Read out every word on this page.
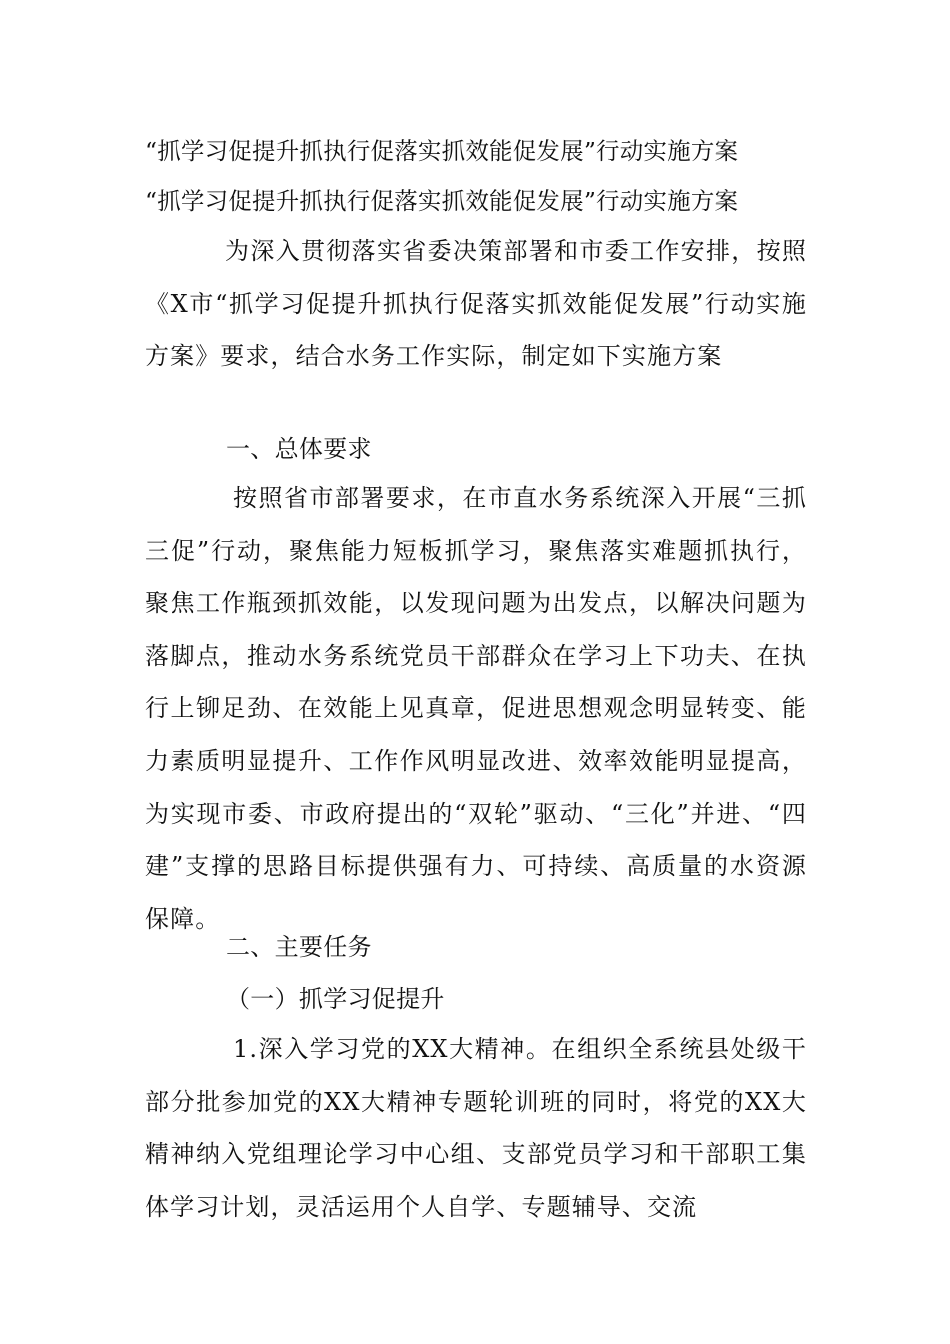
“抓学习促提升抓执行促落实抓效能促发展”行动实施方案
“抓学习促提升抓执行促落实抓效能促发展”行动实施方案

为深入贯彻落实省委决策部署和市委工作安排，按照《X市“抓学习促提升抓执行促落实抓效能促发展”行动实施方案》要求，结合水务工作实际，制定如下实施方案

一、总体要求

按照省市部署要求，在市直水务系统深入开展“三抓三促”行动，聚焦能力短板抓学习，聚焦落实难题抓执行，聚焦工作瓶颈抓效能，以发现问题为出发点，以解决问题为落脚点，推动水务系统党员干部群众在学习上下功夫、在执行上铆足劲、在效能上见真章，促进思想观念明显转变、能力素质明显提升、工作作风明显改进、效率效能明显提高，为实现市委、市政府提出的“双轮”驱动、“三化”并进、“四建”支撑的思路目标提供强有力、可持续、高质量的水资源保障。

二、主要任务
（一）抓学习促提升

1.深入学习党的XX大精神。在组织全系统县处级干部分批参加党的XX大精神专题轮训班的同时，将党的XX大精神纳入党组理论学习中心组、支部党员学习和干部职工集体学习计划，灵活运用个人自学、专题辅导、交流
